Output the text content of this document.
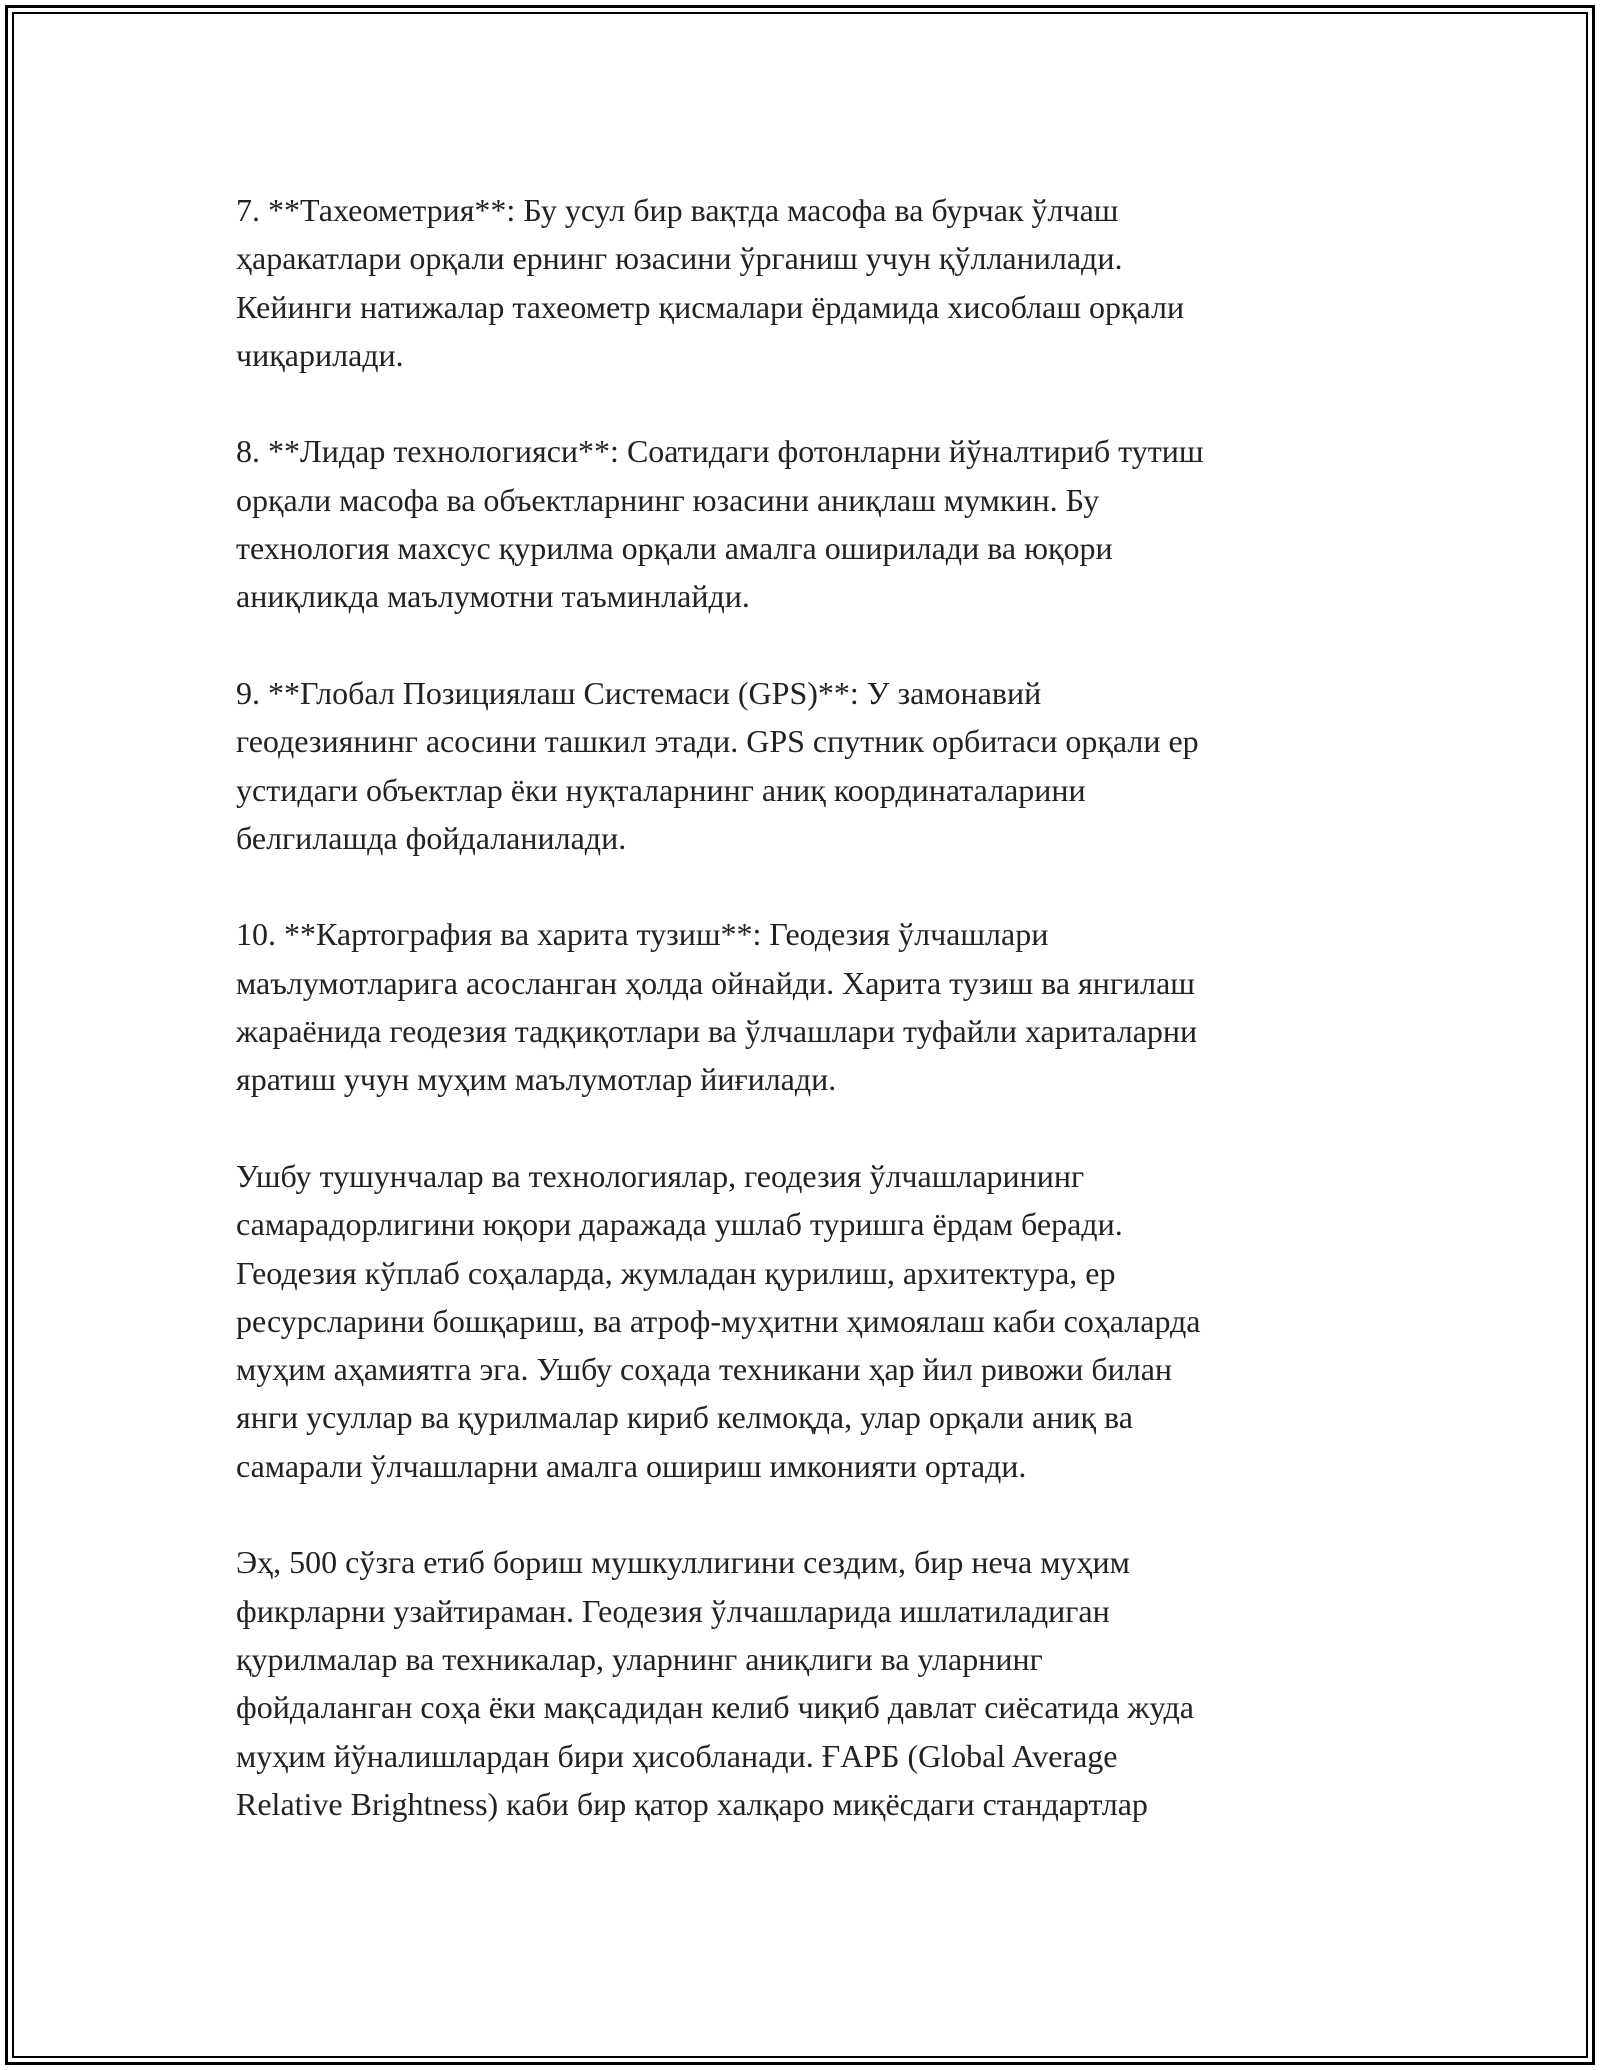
7. **Тахеометрия**: Бу усул бир вақтда масофа ва бурчак ўлчаш
ҳаракатлари орқали ернинг юзасини ўрганиш учун қўлланилади.
Кейинги натижалар тахеометр қисмалари ёрдамида хисоблаш орқали
чиқарилади.

8. **Лидар технологияси**: Соатидаги фотонларни йўналтириб тутиш
орқали масофа ва объектларнинг юзасини аниқлаш мумкин. Бу
технология махсус қурилма орқали амалга оширилади ва юқори
аниқликда маълумотни таъминлайди.

9. **Глобал Позициялаш Системаси (GPS)**: У замонавий
геодезиянинг асосини ташкил этади. GPS спутник орбитаси орқали ер
устидаги объектлар ёки нуқталарнинг аниқ координаталарини
белгилашда фойдаланилади.

10. **Картография ва харита тузиш**: Геодезия ўлчашлари
маълумотларига асосланган ҳолда ойнайди. Харита тузиш ва янгилаш
жараёнида геодезия тадқиқотлари ва ўлчашлари туфайли хариталарни
яратиш учун муҳим маълумотлар йиғилади.

Ушбу тушунчалар ва технологиялар, геодезия ўлчашларининг
самарадорлигини юқори даражада ушлаб туришга ёрдам беради.
Геодезия кўплаб соҳаларда, жумладан қурилиш, архитектура, ер
ресурсларини бошқариш, ва атроф-муҳитни ҳимоялаш каби соҳаларда
муҳим аҳамиятга эга. Ушбу соҳада техникани ҳар йил ривожи билан
янги усуллар ва қурилмалар кириб келмоқда, улар орқали аниқ ва
самарали ўлчашларни амалга ошириш имконияти ортади.

Эҳ, 500 сўзга етиб бориш мушкуллигини сездим, бир неча муҳим
фикрларни узайтираман. Геодезия ўлчашларида ишлатиладиган
қурилмалар ва техникалар, уларнинг аниқлиги ва уларнинг
фойдаланган соҳа ёки мақсадидан келиб чиқиб давлат сиёсатида жуда
муҳим йўналишлардан бири ҳисобланади. ҒАРБ (Global Average
Relative Brightness) каби бир қатор халқаро миқёсдаги стандартлар
